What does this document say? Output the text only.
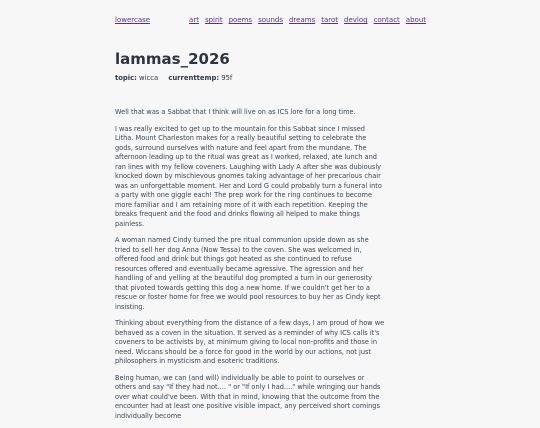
lowercase	art spirit poems sounds dreams tarot devlog contact about
lammas_2026
topic: wicca currenttemp: 95f

Well that was a Sabbat that I think will live on as ICS lore for a long time.

I was really excited to get up to the mountain for this Sabbat since I missed Litha. Mount Charleston makes for a really beautiful setting to celebrate the gods, surround ourselves with nature and feel apart from the mundane. The afternoon leading up to the ritual was great as I worked, relaxed, ate lunch and ran lines with my fellow coveners. Laughing with Lady A after she was dubiously knocked down by mischievous gnomes taking advantage of her precarious chair was an unforgettable moment. Her and Lord G could probably turn a funeral into a party with one giggle each! The prep work for the ring continues to become more familiar and I am retaining more of it with each repetition. Keeping the breaks frequent and the food and drinks flowing all helped to make things painless.

A woman named Cindy turned the pre ritual communion upside down as she tried to sell her dog Anna (Now Tessa) to the coven. She was welcomed in, offered food and drink but things got heated as she continued to refuse resources offered and eventually became agressive. The agression and her handling of and yelling at the beautiful dog prompted a turn in our generosity that pivoted towards getting this dog a new home. If we couldn't get her to a rescue or foster home for free we would pool resources to buy her as Cindy kept insisting.

Thinking about everything from the distance of a few days, I am proud of how we behaved as a coven in the situation. It served as a reminder of why ICS calls it's coveners to be activists by, at minimum giving to local non-profits and those in need. Wiccans should be a force for good in the world by our actions, not just philosophers in mysticism and esoteric traditions.

Being human, we can (and will) individually be able to point to ourselves or others and say "If they had not.... " or "If only I had...." while wringing our hands over what could've been. With that in mind, knowing that the outcome from the encounter had at least one positive visible impact, any perceived short comings individually become
